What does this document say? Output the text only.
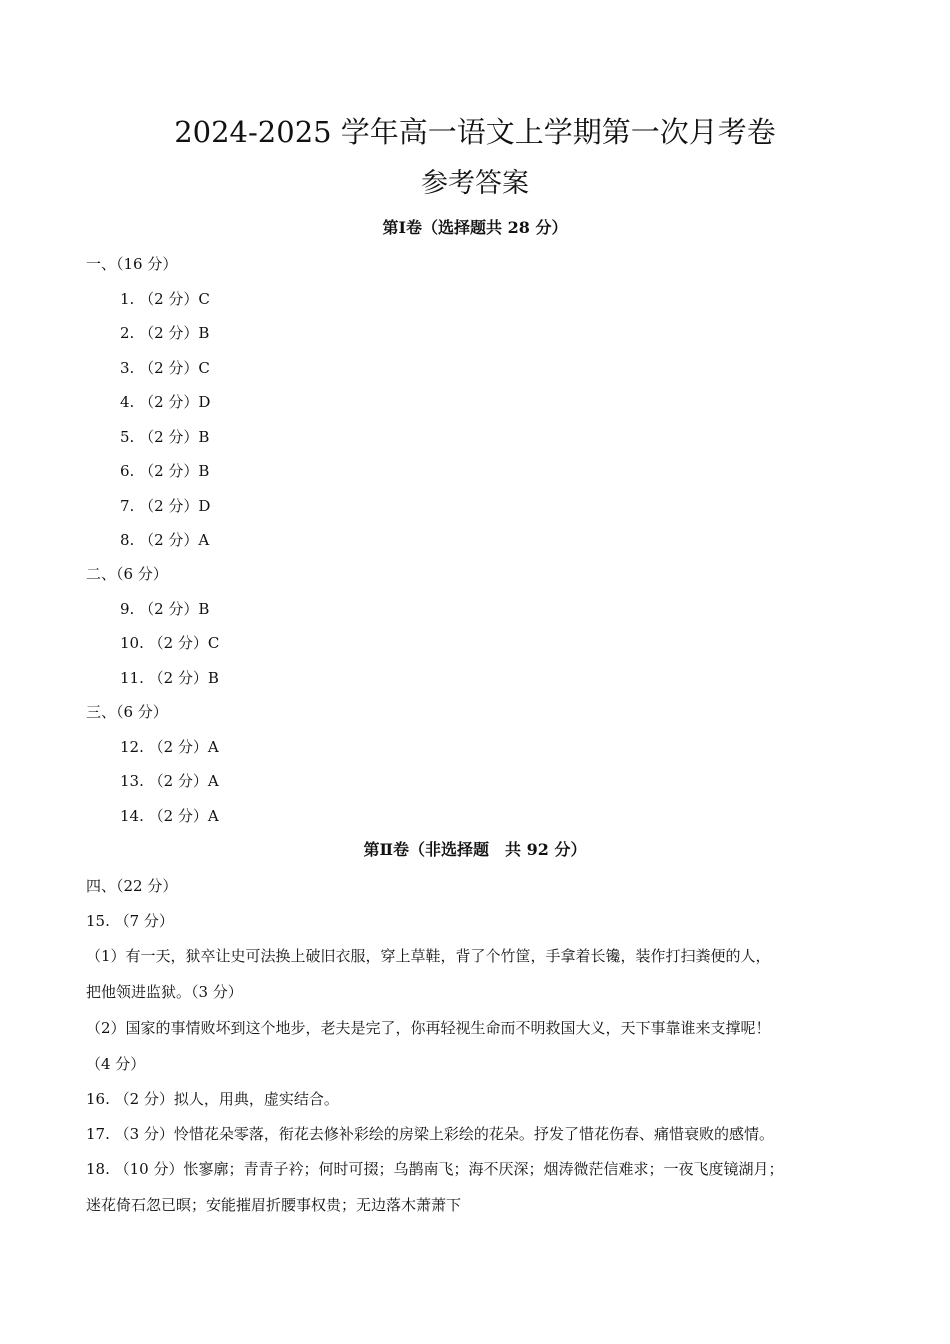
2024-2025 学年高一语文上学期第一次月考卷
参考答案
第Ⅰ卷（选择题共 28 分）
一、（16 分）
1. （2 分）C
2. （2 分）B
3. （2 分）C
4. （2 分）D
5. （2 分）B
6. （2 分）B
7. （2 分）D
8. （2 分）A
二、（6 分）
9. （2 分）B
10. （2 分）C
11. （2 分）B
三、（6 分）
12. （2 分）A
13. （2 分）A
14. （2 分）A
第Ⅱ卷（非选择题　共 92 分）
四、（22 分）
15. （7 分）
（1）有一天，狱卒让史可法换上破旧衣服，穿上草鞋，背了个竹筐，手拿着长镵，装作打扫粪便的人，
把他领进监狱。（3 分）
（2）国家的事情败坏到这个地步，老夫是完了，你再轻视生命而不明救国大义，天下事靠谁来支撑呢！
（4 分）
16. （2 分）拟人，用典，虚实结合。
17. （3 分）怜惜花朵零落，衔花去修补彩绘的房梁上彩绘的花朵。抒发了惜花伤春、痛惜衰败的感情。
18. （10 分）怅寥廓；青青子衿；何时可掇；乌鹊南飞；海不厌深；烟涛微茫信难求；一夜飞度镜湖月；
迷花倚石忽已暝；安能摧眉折腰事权贵；无边落木萧萧下
